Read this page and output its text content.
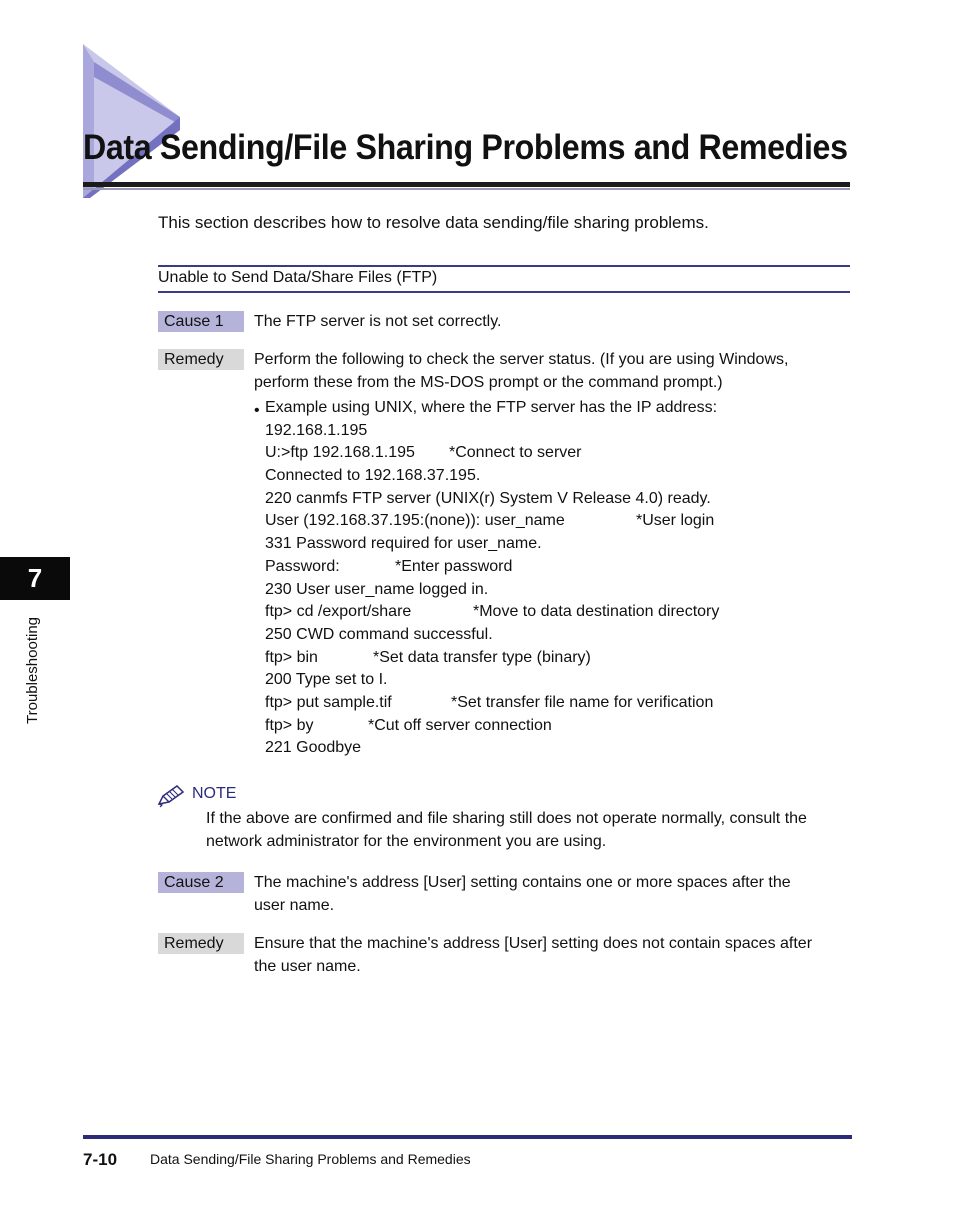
Data Sending/File Sharing Problems and Remedies
This section describes how to resolve data sending/file sharing problems.
Unable to Send Data/Share Files (FTP)
Cause 1	The FTP server is not set correctly.
Remedy	Perform the following to check the server status. (If you are using Windows,
perform these from the MS-DOS prompt or the command prompt.)
• Example using UNIX, where the FTP server has the IP address:
192.168.1.195
U:>ftp 192.168.1.195 *Connect to server
Connected to 192.168.37.195.
220 canmfs FTP server (UNIX(r) System V Release 4.0) ready.
User (192.168.37.195:(none)): user_name	*User login
331 Password required for user_name.
Password:	*Enter password
230 User user_name logged in.
ftp> cd /export/share	*Move to data destination directory
250 CWD command successful.
ftp> bin	*Set data transfer type (binary)
200 Type set to I.
ftp> put sample.tif	*Set transfer file name for verification
ftp> by	*Cut off server connection
221 Goodbye
NOTE
If the above are confirmed and file sharing still does not operate normally, consult the network administrator for the environment you are using.
Cause 2	The machine's address [User] setting contains one or more spaces after the
user name.
Remedy	Ensure that the machine's address [User] setting does not contain spaces after
the user name.
7
Troubleshooting
7-10 Data Sending/File Sharing Problems and Remedies
